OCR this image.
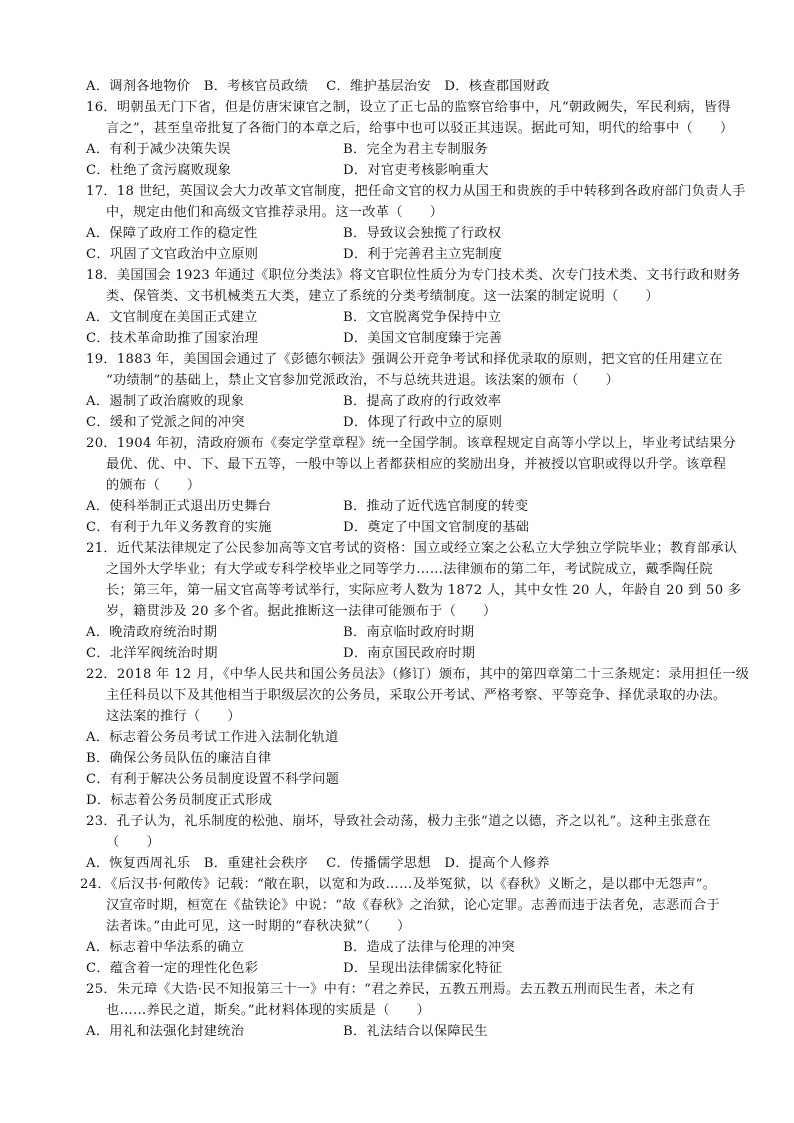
A．调剂各地物价　B．考核官员政绩　 C．维护基层治安　D．核查郡国财政
16．明朝虽无门下省，但是仿唐宋谏官之制，设立了正七品的监察官给事中，凡“朝政阙失，军民利病，皆得
言之”，甚至皇帝批复了各衙门的本章之后，给事中也可以驳正其违误。据此可知，明代的给事中（　　）
A．有利于减少决策失误	B．完全为君主专制服务
C．杜绝了贪污腐败现象	D．对官吏考核影响重大
17．18 世纪，英国议会大力改革文官制度，把任命文官的权力从国王和贵族的手中转移到各政府部门负责人手
中，规定由他们和高级文官推荐录用。这一改革（　　）
A．保障了政府工作的稳定性	B．导致议会独揽了行政权
C．巩固了文官政治中立原则	D．利于完善君主立宪制度
18．美国国会 1923 年通过《职位分类法》将文官职位性质分为专门技术类、次专门技术类、文书行政和财务
类、保管类、文书机械类五大类，建立了系统的分类考绩制度。这一法案的制定说明（　　）
A．文官制度在美国正式建立	B．文官脱离党争保持中立
C．技术革命助推了国家治理	D．美国文官制度臻于完善
19．1883 年，美国国会通过了《彭德尔顿法》强调公开竞争考试和择优录取的原则，把文官的任用建立在
“功绩制”的基础上，禁止文官参加党派政治，不与总统共进退。该法案的颁布（　　）
A．遏制了政治腐败的现象	B．提高了政府的行政效率
C．缓和了党派之间的冲突	D．体现了行政中立的原则
20．1904 年初，清政府颁布《奏定学堂章程》统一全国学制。该章程规定自高等小学以上，毕业考试结果分
最优、优、中、下、最下五等，一般中等以上者都获相应的奖励出身，并被授以官职或得以升学。该章程
的颁布（　　）
A．使科举制正式退出历史舞台	B．推动了近代选官制度的转变
C．有利于九年义务教育的实施	D．奠定了中国文官制度的基础
21．近代某法律规定了公民参加高等文官考试的资格：国立或经立案之公私立大学独立学院毕业；教育部承认
之国外大学毕业；有大学或专科学校毕业之同等学力……法律颁布的第二年，考试院成立，戴季陶任院
长；第三年，第一届文官高等考试举行，实际应考人数为 1872 人，其中女性 20 人，年龄自 20 到 50 多
岁，籍贯涉及 20 多个省。据此推断这一法律可能颁布于（　　）
A．晚清政府统治时期	B．南京临时政府时期
C．北洋军阀统治时期	D．南京国民政府时期
22．2018 年 12 月，《中华人民共和国公务员法》（修订）颁布，其中的第四章第二十三条规定：录用担任一级
主任科员以下及其他相当于职级层次的公务员，采取公开考试、严格考察、平等竞争、择优录取的办法。
这法案的推行（　　）
A．标志着公务员考试工作进入法制化轨道
B．确保公务员队伍的廉洁自律
C．有利于解决公务员制度设置不科学问题
D．标志着公务员制度正式形成
23．孔子认为，礼乐制度的松弛、崩坏，导致社会动荡，极力主张“道之以德，齐之以礼”。这种主张意在
（　　）
A．恢复西周礼乐　B．重建社会秩序　 C．传播儒学思想　D．提高个人修养
24．《后汉书·何敞传》记载：“敞在职，以宽和为政……及举冤狱，以《春秋》义断之，是以郡中无怨声”。
汉宣帝时期，桓宽在《盐铁论》中说：“故《春秋》之治狱，论心定罪。志善而违于法者免，志恶而合于
法者诛。”由此可见，这一时期的“春秋决狱”（　　）
A．标志着中华法系的确立	B．造成了法律与伦理的冲突
C．蕴含着一定的理性化色彩	D．呈现出法律儒家化特征
25．朱元璋《大诰·民不知报第三十一》中有：“君之养民，五教五刑焉。去五教五刑而民生者，未之有
也……养民之道，斯矣。”此材料体现的实质是（　　）
A．用礼和法强化封建统治	B．礼法结合以保障民生
